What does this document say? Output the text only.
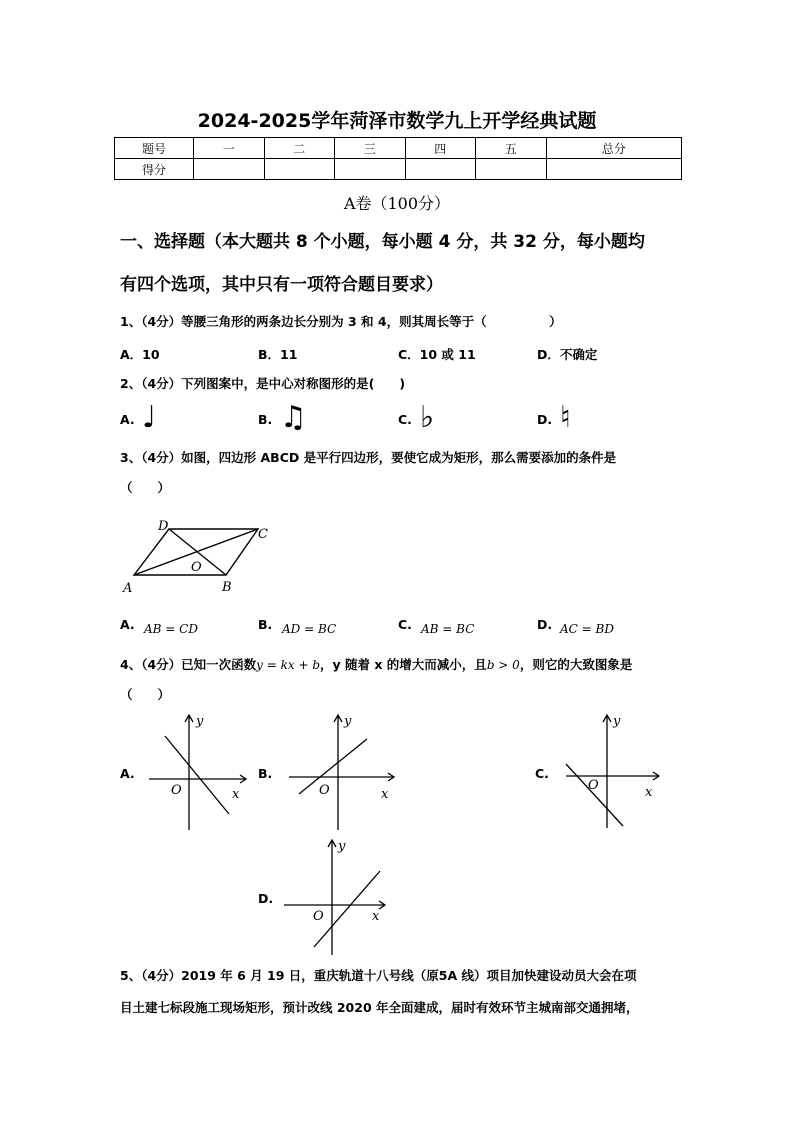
2024-2025学年菏泽市数学九上开学经典试题
题号	一	二	三	四	五	总分
得分						
A卷（100分）
一、选择题（本大题共 8 个小题，每小题 4 分，共 32 分，每小题均
有四个选项，其中只有一项符合题目要求）
1、（4分）等腰三角形的两条边长分别为 3 和 4，则其周长等于（　　　　　）
A．10	B．11	C．10 或 11	D．不确定
2、（4分）下列图案中，是中心对称图形的是(　　)
A. ♩	B. ♫	C. ♭	D. ♮
3、（4分）如图，四边形 ABCD 是平行四边形，要使它成为矩形，那么需要添加的条件是
（　　）
D
C
O
A	B
A. AB = CD	B. AD = BC	C. AB = BC	D. AC = BD
4、（4分）已知一次函数y = kx + b，y 随着 x 的增大而减小，且b > 0，则它的大致图象是
（　　）
A.	B.	C.
D.
y
x
O
y
x
O
y
x
O
y
x
O
5、（4分）2019 年 6 月 19 日，重庆轨道十八号线（原5A 线）项目加快建设动员大会在项
目土建七标段施工现场矩形，预计改线 2020 年全面建成，届时有效环节主城南部交通拥堵，
